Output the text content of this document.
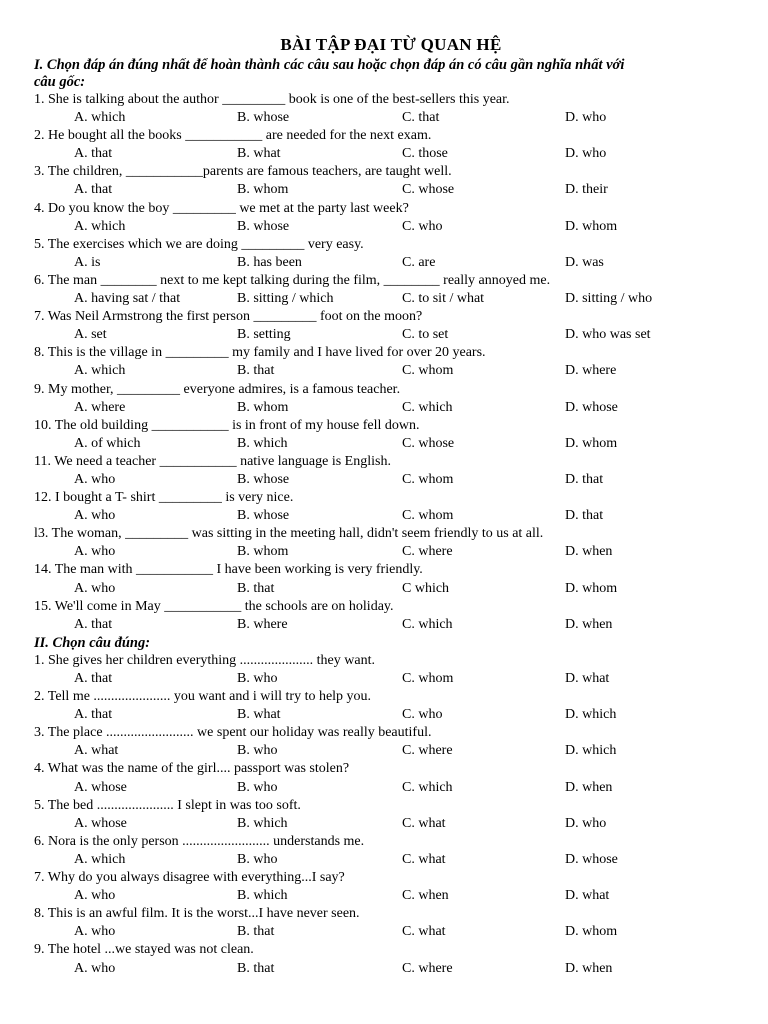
BÀI TẬP ĐẠI TỪ QUAN HỆ
I. Chọn đáp án đúng nhất để hoàn thành các câu sau hoặc chọn đáp án có câu gần nghĩa nhất với
câu gốc:
1. She is talking about the author _________ book is one of the best-sellers this year.
A. which	B. whose	C. that	D. who
2. He bought all the books ___________ are needed for the next exam.
A. that	B. what	C. those	D. who
3. The children, ___________parents are famous teachers, are taught well.
A. that	B. whom	C. whose	D. their
4. Do you know the boy _________ we met at the party last week?
A. which	B. whose	C. who	D. whom
5. The exercises which we are doing _________ very easy.
A. is	B. has been	C. are	D. was
6. The man ________ next to me kept talking during the film, ________ really annoyed me.
A. having sat / that	B. sitting / which	C. to sit / what	D. sitting / who
7. Was Neil Armstrong the first person _________ foot on the moon?
A. set	B. setting	C. to set	D. who was set
8. This is the village in _________ my family and I have lived for over 20 years.
A. which	B. that	C. whom	D. where
9. My mother, _________ everyone admires, is a famous teacher.
A. where	B. whom	C. which	D. whose
10. The old building ___________ is in front of my house fell down.
A. of which	B. which	C. whose	D. whom
11. We need a teacher ___________ native language is English.
A. who	B. whose	C. whom	D. that
12. I bought a T- shirt _________ is very nice.
A. who	B. whose	C. whom	D. that
l3. The woman, _________ was sitting in the meeting hall, didn't seem friendly to us at all.
A. who	B. whom	C. where	D. when
14. The man with ___________ I have been working is very friendly.
A. who	B. that	C which	D. whom
15. We'll come in May ___________ the schools are on holiday.
A. that	B. where	C. which	D. when
II. Chọn câu đúng:
1. She gives her children everything ..................... they want.
A. that	B. who	C. whom	D. what
2. Tell me ...................... you want and i will try to help you.
A. that	B. what	C. who	D. which
3. The place ......................... we spent our holiday was really beautiful.
A. what	B. who	C. where	D. which
4. What was the name of the girl.... passport was stolen?
A. whose	B. who	C. which	D. when
5. The bed ...................... I slept in was too soft.
A. whose	B. which	C. what	D. who
6. Nora is the only person ......................... understands me.
A. which	B. who	C. what	D. whose
7. Why do you always disagree with everything...I say?
A. who	B. which	C. when	D. what
8. This is an awful film. It is the worst...I have never seen.
A. who	B. that	C. what	D. whom
9. The hotel ...we stayed was not clean.
A. who	B. that	C. where	D. when
